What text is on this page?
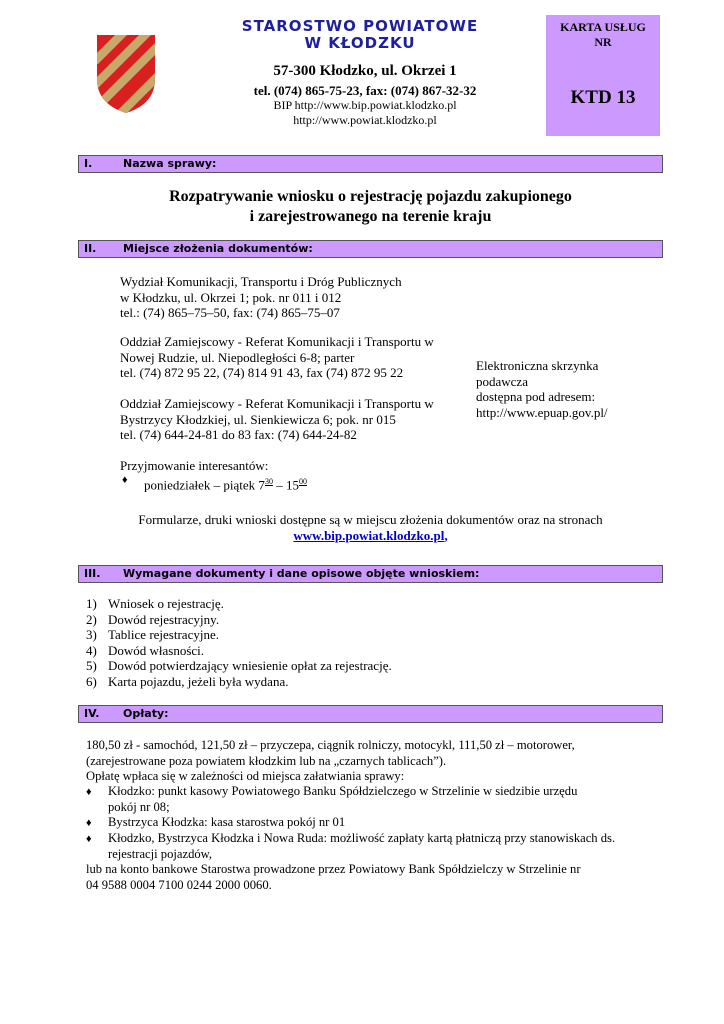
STAROSTWO POWIATOWE
W KŁODZKU
57-300 Kłodzko, ul. Okrzei 1
tel. (074) 865-75-23, fax: (074) 867-32-32
BIP http://www.bip.powiat.klodzko.pl
http://www.powiat.klodzko.pl
KARTA USŁUG
NR
KTD 13
I.	Nazwa sprawy:
Rozpatrywanie wniosku o rejestrację pojazdu zakupionego
i zarejestrowanego na terenie kraju
II. Miejsce złożenia dokumentów:
Wydział Komunikacji, Transportu i Dróg Publicznych
w Kłodzku, ul. Okrzei 1; pok. nr 011 i 012
tel.: (74) 865–75–50, fax: (74) 865–75–07
Oddział Zamiejscowy - Referat Komunikacji i Transportu w
Nowej Rudzie, ul. Niepodległości 6-8; parter
tel. (74) 872 95 22, (74) 814 91 43, fax (74) 872 95 22
Oddział Zamiejscowy - Referat Komunikacji i Transportu w
Bystrzycy Kłodzkiej, ul. Sienkiewicza 6; pok. nr 015
tel. (74) 644-24-81 do 83 fax: (74) 644-24-82
Przyjmowanie interesantów:
♦ poniedziałek – piątek $7^{30} - 15^{00}$
Elektroniczna skrzynka
podawcza
dostępna pod adresem:
http://www.epuap.gov.pl/
Formularze, druki wnioski dostępne są w miejscu złożenia dokumentów oraz na stronach
www.bip.powiat.klodzko.pl,
III. Wymagane dokumenty i dane opisowe objęte wnioskiem:
1) Wniosek o rejestrację.
2) Dowód rejestracyjny.
3) Tablice rejestracyjne.
4) Dowód własności.
5) Dowód potwierdzający wniesienie opłat za rejestrację.
6) Karta pojazdu, jeżeli była wydana.
IV. Opłaty:
180,50 zł - samochód, 121,50 zł – przyczepa, ciągnik rolniczy, motocykl, 111,50 zł – motorower,
(zarejestrowane poza powiatem kłodzkim lub na „czarnych tablicach”).
Opłatę wpłaca się w zależności od miejsca załatwiania sprawy:
♦ Kłodzko: punkt kasowy Powiatowego Banku Spółdzielczego w Strzelinie w siedzibie urzędu
pokój nr 08;
♦ Bystrzyca Kłodzka: kasa starostwa pokój nr 01
♦ Kłodzko, Bystrzyca Kłodzka i Nowa Ruda: możliwość zapłaty kartą płatniczą przy stanowiskach ds.
rejestracji pojazdów,
lub na konto bankowe Starostwa prowadzone przez Powiatowy Bank Spółdzielczy w Strzelinie nr
04 9588 0004 7100 0244 2000 0060.
